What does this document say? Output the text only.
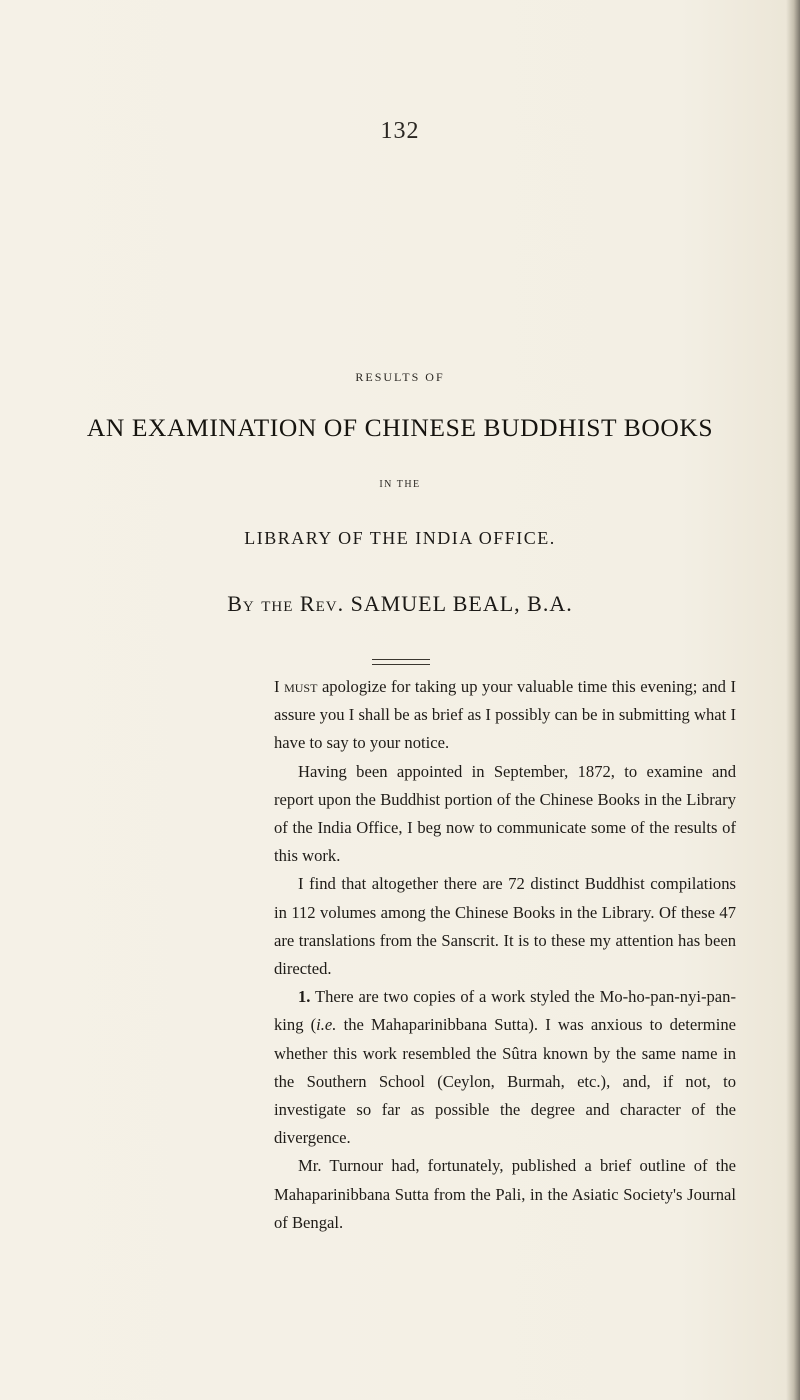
132
RESULTS OF
AN EXAMINATION OF CHINESE BUDDHIST BOOKS
IN THE
LIBRARY OF THE INDIA OFFICE.
By the Rev. SAMUEL BEAL, B.A.

I must apologize for taking up your valuable time this evening; and I assure you I shall be as brief as I possibly can be in submitting what I have to say to your notice.

Having been appointed in September, 1872, to examine and report upon the Buddhist portion of the Chinese Books in the Library of the India Office, I beg now to communicate some of the results of this work.

I find that altogether there are 72 distinct Buddhist compilations in 112 volumes among the Chinese Books in the Library. Of these 47 are translations from the Sanscrit. It is to these my attention has been directed.

1. There are two copies of a work styled the Mo-ho-pan-nyi-pan-king (i.e. the Mahaparinibbana Sutta). I was anxious to determine whether this work resembled the Sûtra known by the same name in the Southern School (Ceylon, Burmah, etc.), and, if not, to investigate so far as possible the degree and character of the divergence.

Mr. Turnour had, fortunately, published a brief outline of the Mahaparinibbana Sutta from the Pali, in the Asiatic Society's Journal of Bengal.
